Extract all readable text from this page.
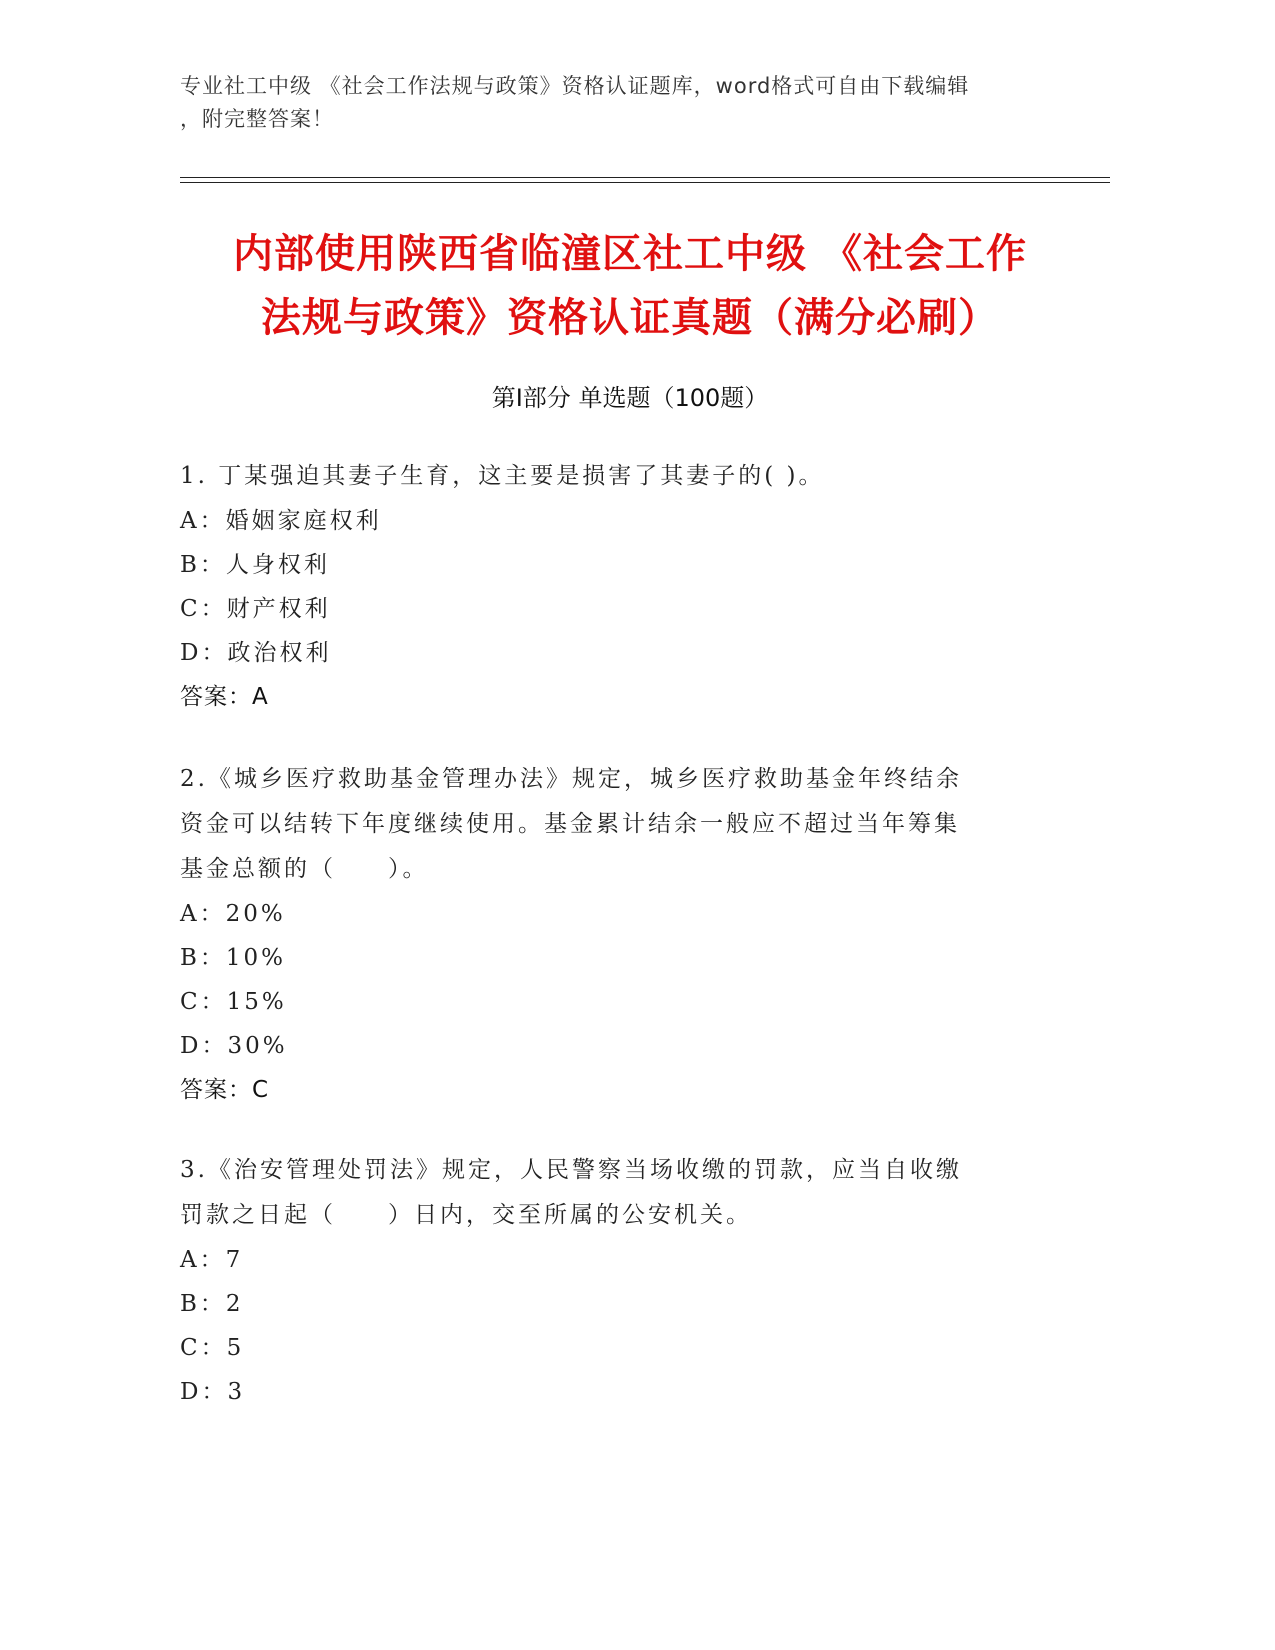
专业社工中级 《社会工作法规与政策》资格认证题库，word格式可自由下载编辑
，附完整答案！
内部使用陕西省临潼区社工中级 《社会工作
法规与政策》资格认证真题（满分必刷）
第Ⅰ部分 单选题（100题）
1. 丁某强迫其妻子生育，这主要是损害了其妻子的( )。
A：婚姻家庭权利
B：人身权利
C：财产权利
D：政治权利
答案：A
2.《城乡医疗救助基金管理办法》规定，城乡医疗救助基金年终结余
资金可以结转下年度继续使用。基金累计结余一般应不超过当年筹集
基金总额的（　　）。
A：20%
B：10%
C：15%
D：30%
答案：C
3.《治安管理处罚法》规定，人民警察当场收缴的罚款，应当自收缴
罚款之日起（　　）日内，交至所属的公安机关。
A：7
B：2
C：5
D：3
